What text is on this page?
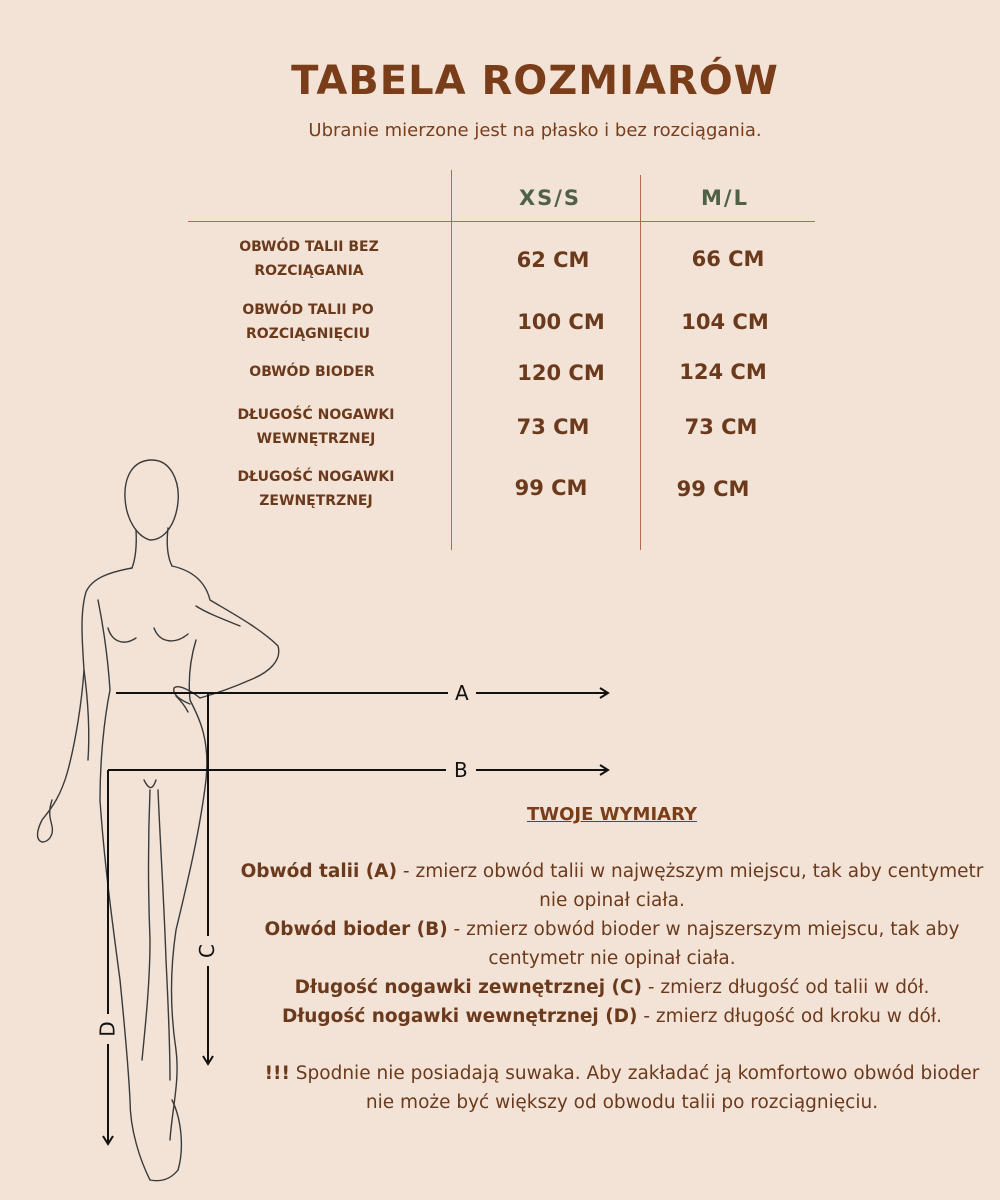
TABELA ROZMIARÓW
Ubranie mierzone jest na płasko i bez rozciągania.
XS/S	M/L
OBWÓD TALII BEZ
ROZCIĄGANIA	62 CM	66 CM
OBWÓD TALII PO
ROZCIĄGNIĘCIU	100 CM	104 CM
OBWÓD BIODER	120 CM	124 CM
DŁUGOŚĆ NOGAWKI
WEWNĘTRZNEJ	73 CM	73 CM
DŁUGOŚĆ NOGAWKI
ZEWNĘTRZNEJ
99 CM	99 CM
A
B
C
D
TWOJE WYMIARY
Obwód talii (A) - zmierz obwód talii w najwęższym miejscu, tak aby centymetr nie opinał ciała.
Obwód bioder (B) - zmierz obwód bioder w najszerszym miejscu, tak aby centymetr nie opinał ciała.
Długość nogawki zewnętrznej (C) - zmierz długość od talii w dół.
Długość nogawki wewnętrznej (D) - zmierz długość od kroku w dół.
!!! Spodnie nie posiadają suwaka. Aby zakładać ją komfortowo obwód bioder nie może być większy od obwodu talii po rozciągnięciu.
